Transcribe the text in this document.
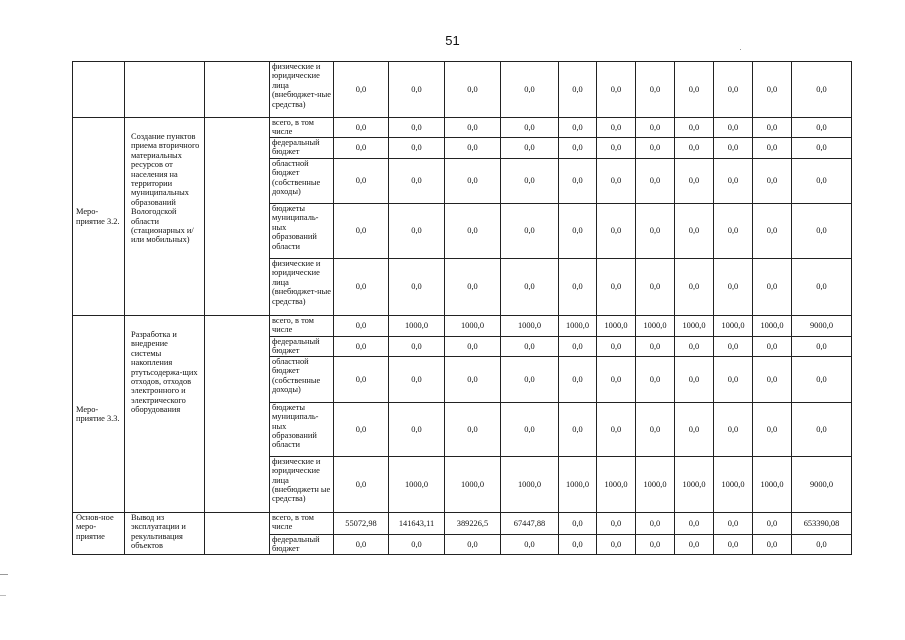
51
			физические и юридические лица (внебюджет-ные средства)	0,0	0,0	0,0	0,0	0,0	0,0	0,0	0,0	0,0	0,0	0,0
Меро-приятие 3.2.	Создание пунктов приема вторичного материальных ресурсов от населения на территории муниципальных образований Вологодской области (стационарных и/или мобильных)		всего, в том числе	0,0	0,0	0,0	0,0	0,0	0,0	0,0	0,0	0,0	0,0	0,0
			федеральный бюджет	0,0	0,0	0,0	0,0	0,0	0,0	0,0	0,0	0,0	0,0	0,0
			областной бюджет (собственные доходы)	0,0	0,0	0,0	0,0	0,0	0,0	0,0	0,0	0,0	0,0	0,0
			бюджеты муниципаль-ных образований области	0,0	0,0	0,0	0,0	0,0	0,0	0,0	0,0	0,0	0,0	0,0
			физические и юридические лица (внебюджет-ные средства)	0,0	0,0	0,0	0,0	0,0	0,0	0,0	0,0	0,0	0,0	0,0
Меро-приятие 3.3.	Разработка и внедрение системы накопления ртутьсодержа-щих отходов, отходов электронного и электрического оборудования		всего, в том числе	0,0	1000,0	1000,0	1000,0	1000,0	1000,0	1000,0	1000,0	1000,0	1000,0	9000,0
			федеральный бюджет	0,0	0,0	0,0	0,0	0,0	0,0	0,0	0,0	0,0	0,0	0,0
			областной бюджет (собственные доходы)	0,0	0,0	0,0	0,0	0,0	0,0	0,0	0,0	0,0	0,0	0,0
			бюджеты муниципаль-ных образований области	0,0	0,0	0,0	0,0	0,0	0,0	0,0	0,0	0,0	0,0	0,0
			физические и юридические лица (внебюджетн ые средства)	0,0	1000,0	1000,0	1000,0	1000,0	1000,0	1000,0	1000,0	1000,0	1000,0	9000,0
Основ-ное меро-приятие	Вывод из эксплуатации и рекультивация объектов		всего, в том числе	55072,98	141643,11	389226,5	67447,88	0,0	0,0	0,0	0,0	0,0	0,0	653390,08
			федеральный бюджет	0,0	0,0	0,0	0,0	0,0	0,0	0,0	0,0	0,0	0,0	0,0
